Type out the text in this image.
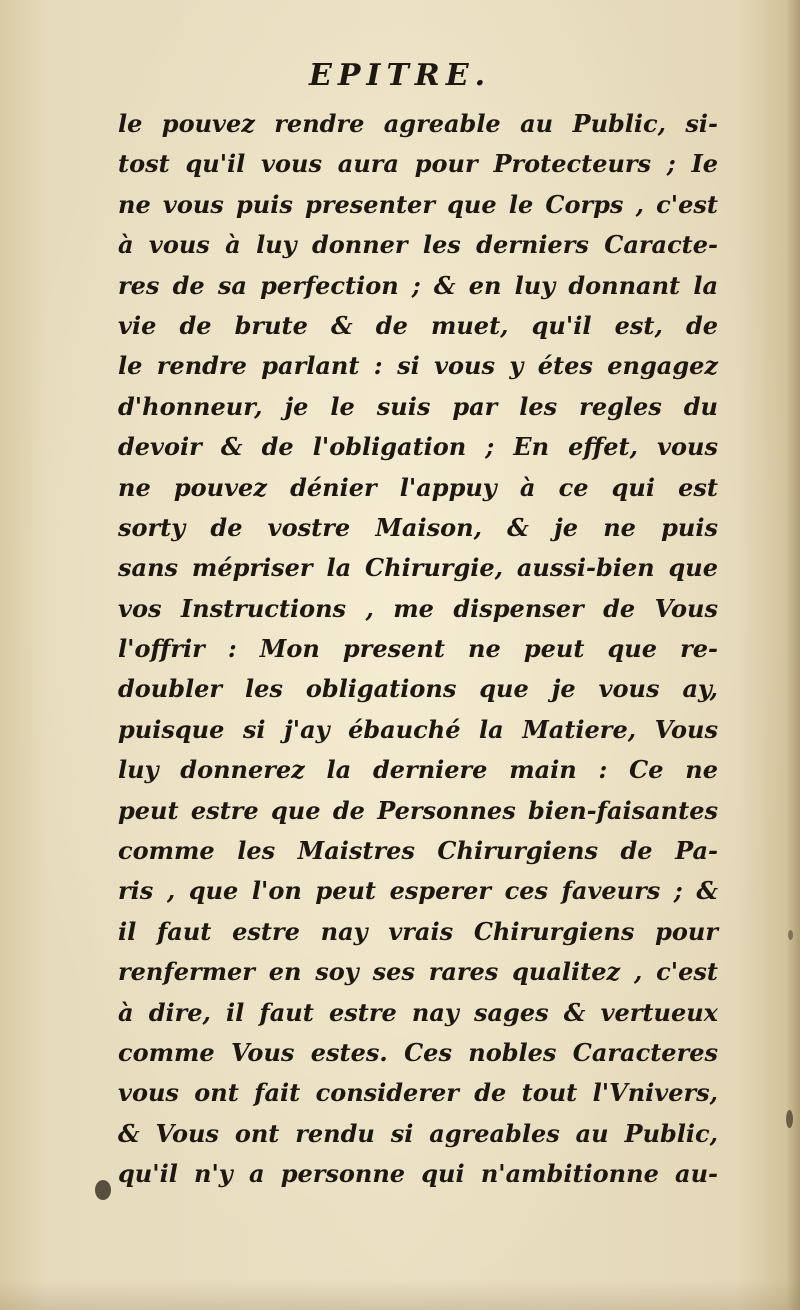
EPITRE.
le pouvez rendre agreable au Public, si-
tost qu'il vous aura pour Protecteurs ; Ie
ne vous puis presenter que le Corps , c'est
à vous à luy donner les derniers Caracte-
res de sa perfection ; & en luy donnant la
vie de brute & de muet, qu'il est, de
le rendre parlant : si vous y étes engagez
d'honneur, je le suis par les regles du
devoir & de l'obligation ; En effet, vous
ne pouvez dénier l'appuy à ce qui est
sorty de vostre Maison, & je ne puis
sans mépriser la Chirurgie, aussi-bien que
vos Instructions , me dispenser de Vous
l'offrir : Mon present ne peut que re-
doubler les obligations que je vous ay,
puisque si j'ay ébauché la Matiere, Vous
luy donnerez la derniere main : Ce ne
peut estre que de Personnes bien-faisantes
comme les Maistres Chirurgiens de Pa-
ris , que l'on peut esperer ces faveurs ; &
il faut estre nay vrais Chirurgiens pour
renfermer en soy ses rares qualitez , c'est
à dire, il faut estre nay sages & vertueux
comme Vous estes. Ces nobles Caracteres
vous ont fait considerer de tout l'Vnivers,
& Vous ont rendu si agreables au Public,
qu'il n'y a personne qui n'ambitionne au-
